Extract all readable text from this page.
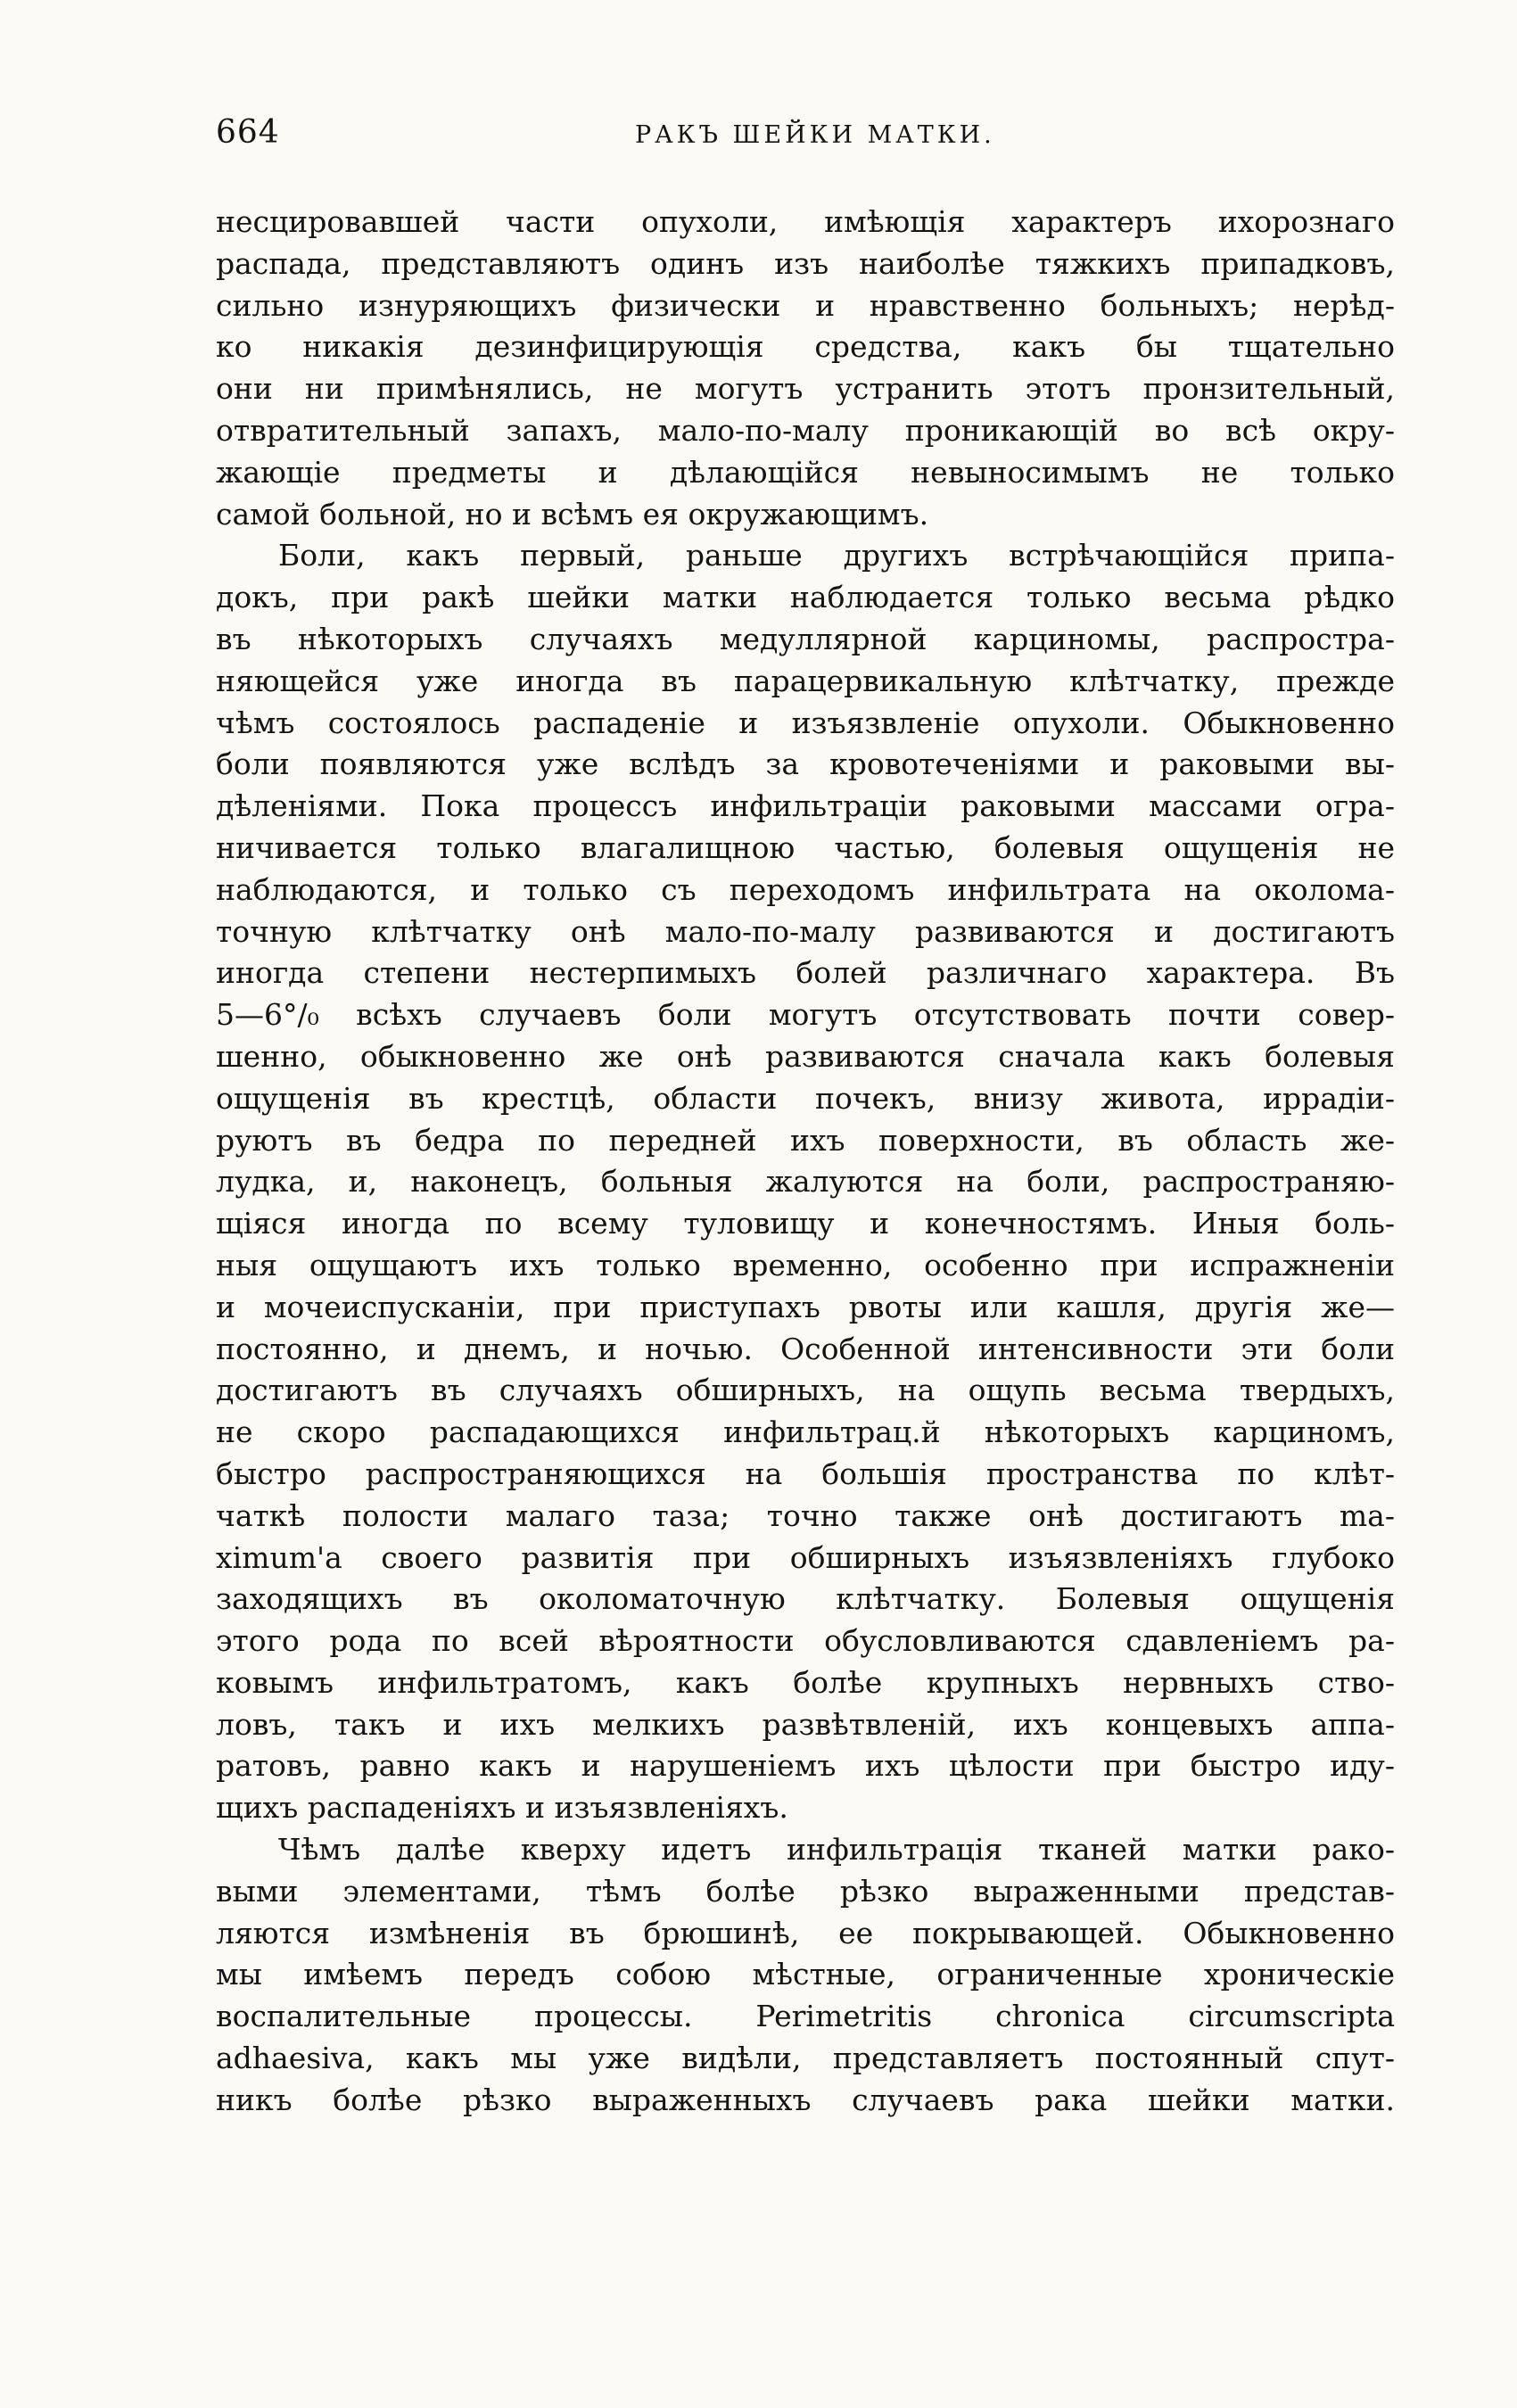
664	РАКЪ ШЕЙКИ МАТКИ.
несцировавшей части опухоли, имѣющія характеръ ихорознаго
распада, представляютъ одинъ изъ наиболѣе тяжкихъ припадковъ,
сильно изнуряющихъ физически и нравственно больныхъ; нерѣд-
ко никакія дезинфицирующія средства, какъ бы тщательно
они ни примѣнялись, не могутъ устранить этотъ пронзительный,
отвратительный запахъ, мало-по-малу проникающій во всѣ окру-
жающіе предметы и дѣлающійся невыносимымъ не только
самой больной, но и всѣмъ ея окружающимъ.
Боли, какъ первый, раньше другихъ встрѣчающійся припа-
докъ, при ракѣ шейки матки наблюдается только весьма рѣдко
въ нѣкоторыхъ случаяхъ медуллярной карциномы, распростра-
няющейся уже иногда въ парацервикальную клѣтчатку, прежде
чѣмъ состоялось распаденіе и изъязвленіе опухоли. Обыкновенно
боли появляются уже вслѣдъ за кровотеченіями и раковыми вы-
дѣленіями. Пока процессъ инфильтраціи раковыми массами огра-
ничивается только влагалищною частью, болевыя ощущенія не
наблюдаются, и только съ переходомъ инфильтрата на околома-
точную клѣтчатку онѣ мало-по-малу развиваются и достигаютъ
иногда степени нестерпимыхъ болей различнаго характера. Въ
5—6°/₀ всѣхъ случаевъ боли могутъ отсутствовать почти совер-
шенно, обыкновенно же онѣ развиваются сначала какъ болевыя
ощущенія въ крестцѣ, области почекъ, внизу живота, иррадіи-
руютъ въ бедра по передней ихъ поверхности, въ область же-
лудка, и, наконецъ, больныя жалуются на боли, распространяю-
щіяся иногда по всему туловищу и конечностямъ. Иныя боль-
ныя ощущаютъ ихъ только временно, особенно при испражненіи
и мочеиспусканіи, при приступахъ рвоты или кашля, другія же—
постоянно, и днемъ, и ночью. Особенной интенсивности эти боли
достигаютъ въ случаяхъ обширныхъ, на ощупь весьма твердыхъ,
не скоро распадающихся инфильтрац.й нѣкоторыхъ карциномъ,
быстро распространяющихся на большія пространства по клѣт-
чаткѣ полости малаго таза; точно также онѣ достигаютъ ma-
ximum'а своего развитія при обширныхъ изъязвленіяхъ глубоко
заходящихъ въ околоматочную клѣтчатку. Болевыя ощущенія
этого рода по всей вѣроятности обусловливаются сдавленіемъ ра-
ковымъ инфильтратомъ, какъ болѣе крупныхъ нервныхъ ство-
ловъ, такъ и ихъ мелкихъ развѣтвленій, ихъ концевыхъ аппа-
ратовъ, равно какъ и нарушеніемъ ихъ цѣлости при быстро иду-
щихъ распаденіяхъ и изъязвленіяхъ.
Чѣмъ далѣе кверху идетъ инфильтрація тканей матки рако-
выми элементами, тѣмъ болѣе рѣзко выраженными представ-
ляются измѣненія въ брюшинѣ, ее покрывающей. Обыкновенно
мы имѣемъ передъ собою мѣстные, ограниченные хроническіе
воспалительные процессы. Perimetritis chronica circumscripta
adhaesiva, какъ мы уже видѣли, представляетъ постоянный спут-
никъ болѣе рѣзко выраженныхъ случаевъ рака шейки матки.
